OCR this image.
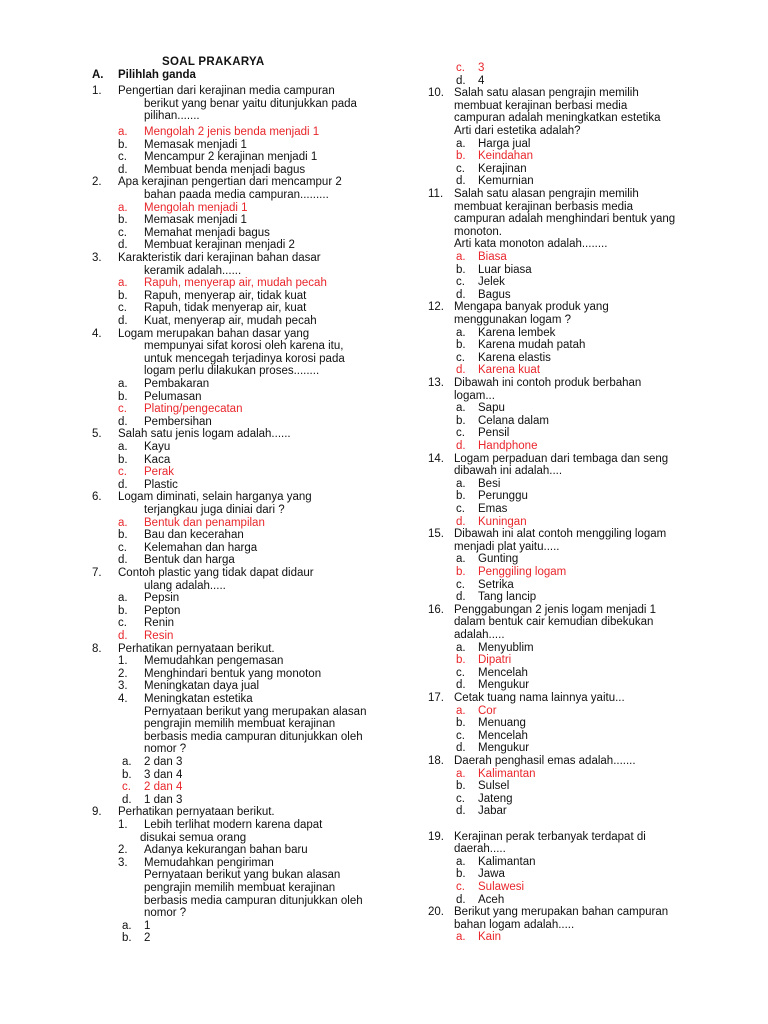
SOAL PRAKARYA
A. Pilihlah ganda
1. Pengertian dari kerajinan media campuran
berikut yang benar yaitu ditunjukkan pada
pilihan.......
a. Mengolah 2 jenis benda menjadi 1
b. Memasak menjadi 1
c. Mencampur 2 kerajinan menjadi 1
d. Membuat benda menjadi bagus
2. Apa kerajinan pengertian dari mencampur 2
bahan paada media campuran.........
a. Mengolah menjadi 1
b. Memasak menjadi 1
c. Memahat menjadi bagus
d. Membuat kerajinan menjadi 2
3. Karakteristik dari kerajinan bahan dasar
keramik adalah......
a. Rapuh, menyerap air, mudah pecah
b. Rapuh, menyerap air, tidak kuat
c. Rapuh, tidak menyerap air, kuat
d. Kuat, menyerap air, mudah pecah
4. Logam merupakan bahan dasar yang
mempunyai sifat korosi oleh karena itu,
untuk mencegah terjadinya korosi pada
logam perlu dilakukan proses........
a. Pembakaran
b. Pelumasan
c. Plating/pengecatan
d. Pembersihan
5. Salah satu jenis logam adalah......
a. Kayu
b. Kaca
c. Perak
d. Plastic
6. Logam diminati, selain harganya yang
terjangkau juga diniai dari ?
a. Bentuk dan penampilan
b. Bau dan kecerahan
c. Kelemahan dan harga
d. Bentuk dan harga
7. Contoh plastic yang tidak dapat didaur
ulang adalah.....
a. Pepsin
b. Pepton
c. Renin
d. Resin
8. Perhatikan pernyataan berikut.
1. Memudahkan pengemasan
2. Menghindari bentuk yang monoton
3. Meningkatan daya jual
4. Meningkatan estetika
Pernyataan berikut yang merupakan alasan
pengrajin memilih membuat kerajinan
berbasis media campuran ditunjukkan oleh
nomor ?
a. 2 dan 3
b. 3 dan 4
c. 2 dan 4
d. 1 dan 3
9. Perhatikan pernyataan berikut.
1. Lebih terlihat modern karena dapat
disukai semua orang
2. Adanya kekurangan bahan baru
3. Memudahkan pengiriman
Pernyataan berikut yang bukan alasan
pengrajin memilih membuat kerajinan
berbasis media campuran ditunjukkan oleh
nomor ?
a. 1
b. 2
c. 3
d. 4
10. Salah satu alasan pengrajin memilih
membuat kerajinan berbasi media
campuran adalah meningkatkan estetika
Arti dari estetika adalah?
a. Harga jual
b. Keindahan
c. Kerajinan
d. Kemurnian
11. Salah satu alasan pengrajin memilih
membuat kerajinan berbasis media
campuran adalah menghindari bentuk yang
monoton.
Arti kata monoton adalah........
a. Biasa
b. Luar biasa
c. Jelek
d. Bagus
12. Mengapa banyak produk yang
menggunakan logam ?
a. Karena lembek
b. Karena mudah patah
c. Karena elastis
d. Karena kuat
13. Dibawah ini contoh produk berbahan
logam...
a. Sapu
b. Celana dalam
c. Pensil
d. Handphone
14. Logam perpaduan dari tembaga dan seng
dibawah ini adalah....
a. Besi
b. Perunggu
c. Emas
d. Kuningan
15. Dibawah ini alat contoh menggiling logam
menjadi plat yaitu.....
a. Gunting
b. Penggiling logam
c. Setrika
d. Tang lancip
16. Penggabungan 2 jenis logam menjadi 1
dalam bentuk cair kemudian dibekukan
adalah.....
a. Menyublim
b. Dipatri
c. Mencelah
d. Mengukur
17. Cetak tuang nama lainnya yaitu...
a. Cor
b. Menuang
c. Mencelah
d. Mengukur
18. Daerah penghasil emas adalah.......
a. Kalimantan
b. Sulsel
c. Jateng
d. Jabar
19. Kerajinan perak terbanyak terdapat di
daerah.....
a. Kalimantan
b. Jawa
c. Sulawesi
d. Aceh
20. Berikut yang merupakan bahan campuran
bahan logam adalah.....
a. Kain
